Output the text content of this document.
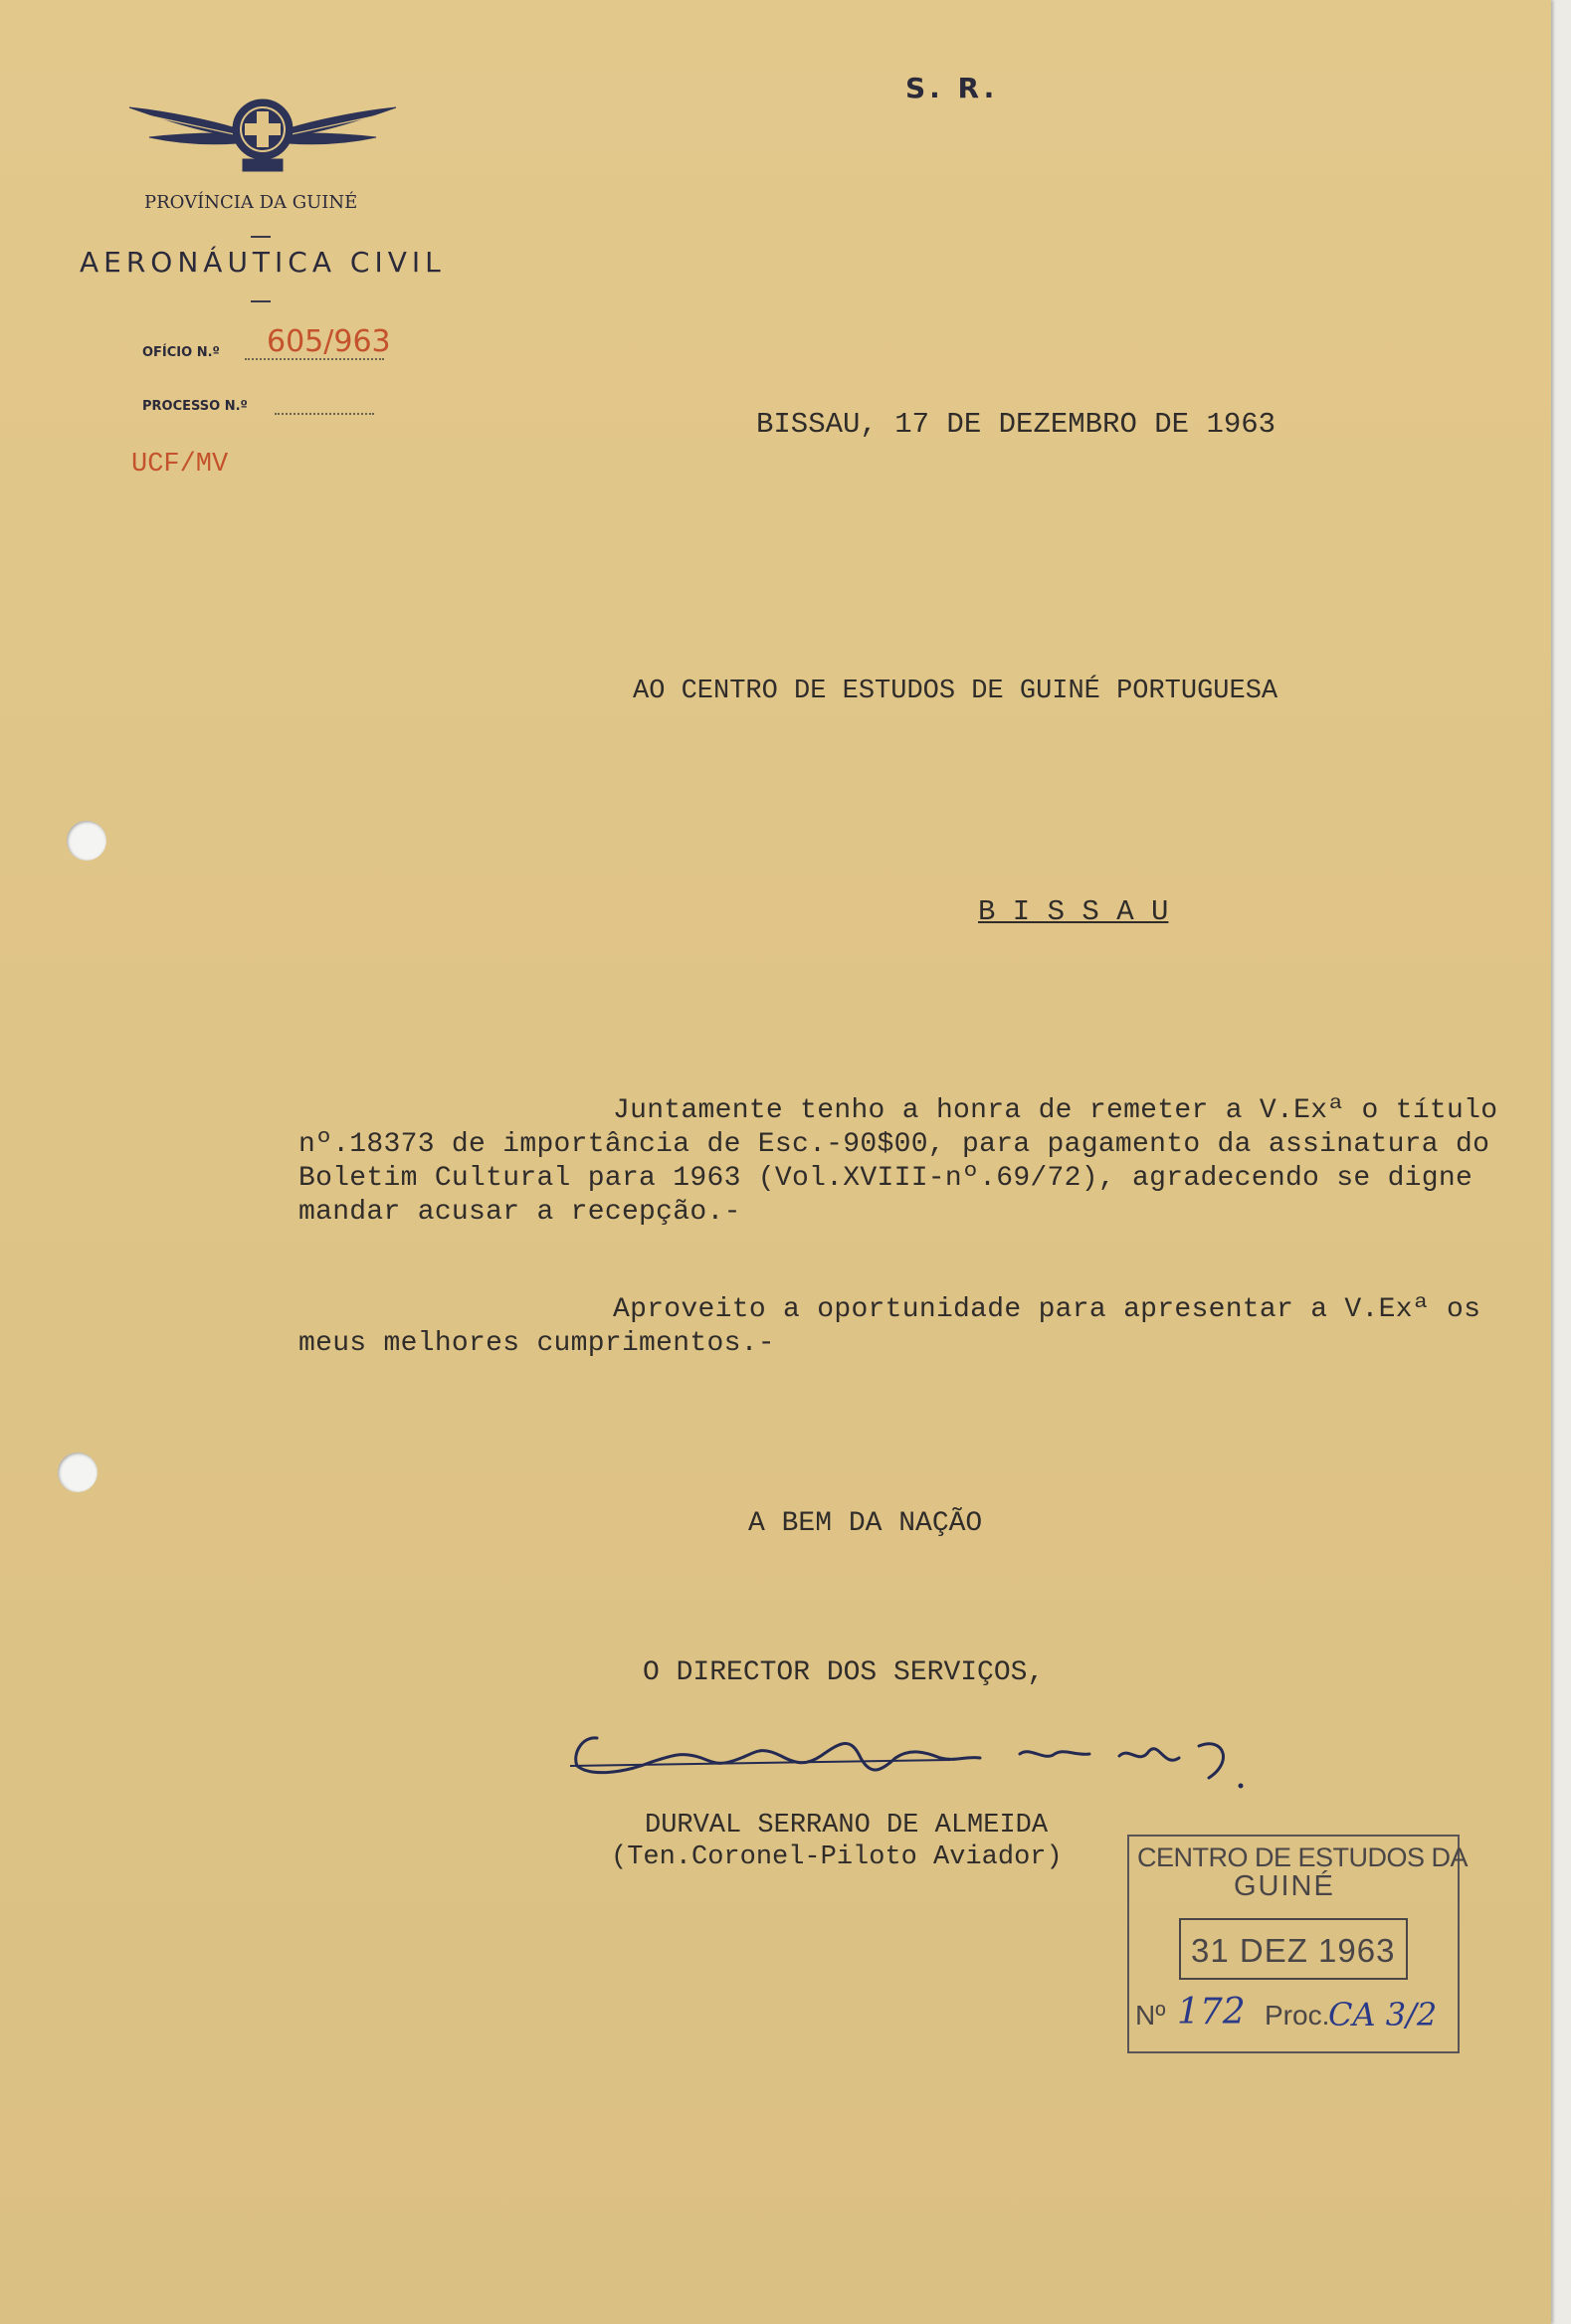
S. R.
PROVÍNCIA DA GUINÉ
AERONÁUTICA CIVIL
OFÍCIO N.º 605/963
PROCESSO N.º
UCF/MV
BISSAU, 17 DE DEZEMBRO DE 1963
AO CENTRO DE ESTUDOS DE GUINÉ PORTUGUESA
B I S S A U
Juntamente tenho a honra de remeter a V.Exª o título
nº.18373 de importância de Esc.-90$00, para pagamento da assinatura do
Boletim Cultural para 1963 (Vol.XVIII-nº.69/72), agradecendo se digne
mandar acusar a recepção.-
Aproveito a oportunidade para apresentar a V.Exª os
meus melhores cumprimentos.-
A BEM DA NAÇÃO
O DIRECTOR DOS SERVIÇOS,
DURVAL SERRANO DE ALMEIDA
(Ten.Coronel-Piloto Aviador)	CENTRO DE ESTUDOS DA
GUINÉ
31 DEZ 1963
Nº 172 Proc.
CA 3/2
